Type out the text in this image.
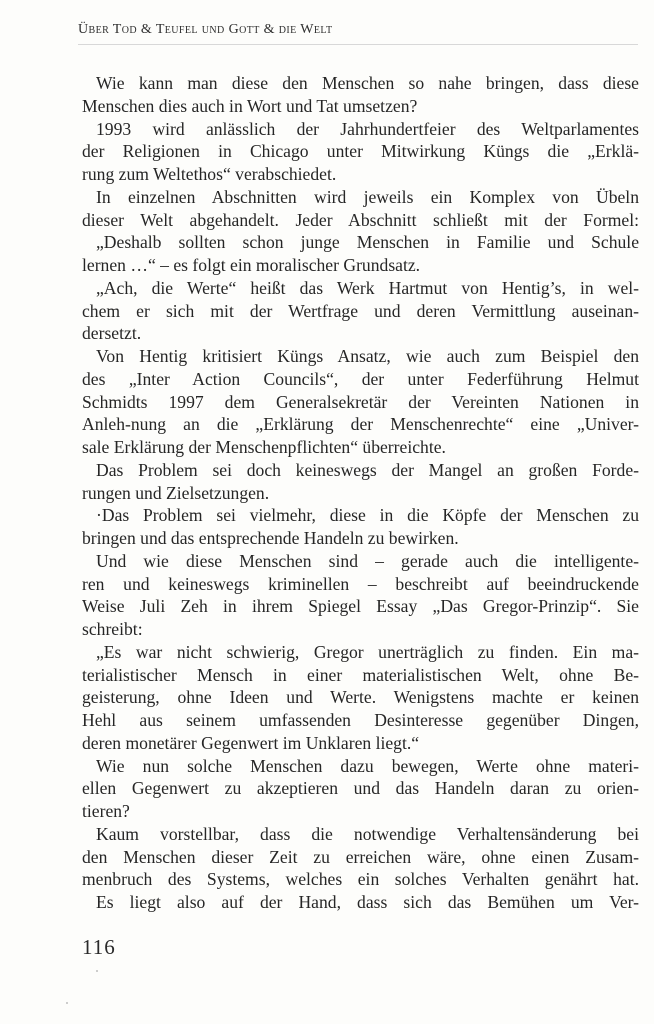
Über Tod & Teufel und Gott & die Welt
Wie kann man diese den Menschen so nahe bringen, dass diese
Menschen dies auch in Wort und Tat umsetzen?
1993 wird anlässlich der Jahrhundertfeier des Weltparlamentes
der Religionen in Chicago unter Mitwirkung Küngs die „Erklä-
rung zum Weltethos“ verabschiedet.
In einzelnen Abschnitten wird jeweils ein Komplex von Übeln
dieser Welt abgehandelt. Jeder Abschnitt schließt mit der Formel:
„Deshalb sollten schon junge Menschen in Familie und Schule
lernen …“ – es folgt ein moralischer Grundsatz.
„Ach, die Werte“ heißt das Werk Hartmut von Hentig’s, in wel-
chem er sich mit der Wertfrage und deren Vermittlung auseinan-
dersetzt.
Von Hentig kritisiert Küngs Ansatz, wie auch zum Beispiel den
des „Inter Action Councils“, der unter Federführung Helmut
Schmidts 1997 dem Generalsekretär der Vereinten Nationen in
Anleh-nung an die „Erklärung der Menschenrechte“ eine „Univer-
sale Erklärung der Menschenpflichten“ überreichte.
Das Problem sei doch keineswegs der Mangel an großen Forde-
rungen und Zielsetzungen.
·Das Problem sei vielmehr, diese in die Köpfe der Menschen zu
bringen und das entsprechende Handeln zu bewirken.
Und wie diese Menschen sind – gerade auch die intelligente-
ren und keineswegs kriminellen – beschreibt auf beeindruckende
Weise Juli Zeh in ihrem Spiegel Essay „Das Gregor-Prinzip“. Sie
schreibt:
„Es war nicht schwierig, Gregor unerträglich zu finden. Ein ma-
terialistischer Mensch in einer materialistischen Welt, ohne Be-
geisterung, ohne Ideen und Werte. Wenigstens machte er keinen
Hehl aus seinem umfassenden Desinteresse gegenüber Dingen,
deren monetärer Gegenwert im Unklaren liegt.“
Wie nun solche Menschen dazu bewegen, Werte ohne materi-
ellen Gegenwert zu akzeptieren und das Handeln daran zu orien-
tieren?
Kaum vorstellbar, dass die notwendige Verhaltensänderung bei
den Menschen dieser Zeit zu erreichen wäre, ohne einen Zusam-
menbruch des Systems, welches ein solches Verhalten genährt hat.
Es liegt also auf der Hand, dass sich das Bemühen um Ver-
116
